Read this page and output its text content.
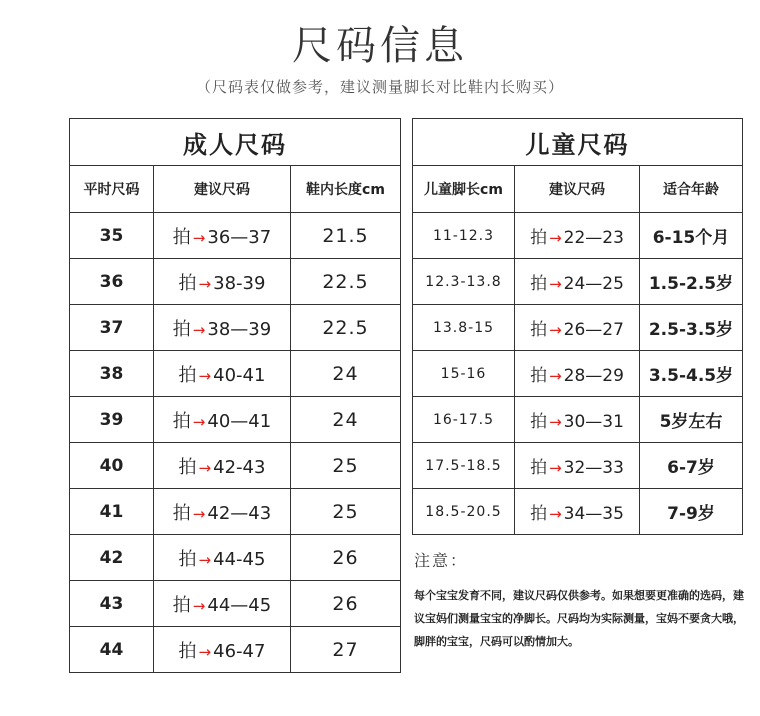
尺码信息
（尺码表仅做参考，建议测量脚长对比鞋内长购买）
成人尺码		
平时尺码	建议尺码	鞋内长度cm
35	拍 → 36—37	21.5
36	拍 → 38-39	22.5
37	拍 → 38—39	22.5
38	拍 → 40-41	24
39	拍 → 40—41	24
40	拍 → 42-43	25
41	拍 → 42—43	25
42	拍 → 44-45	26
43	拍 → 44—45	26
44	拍 → 46-47	27
儿童尺码		
儿童脚长cm	建议尺码	适合年龄
11-12.3	拍 → 22—23	6-15个月
12.3-13.8	拍 → 24—25	1.5-2.5岁
13.8-15	拍 → 26—27	2.5-3.5岁
15-16	拍 → 28—29	3.5-4.5岁
16-17.5	拍 → 30—31	5岁左右
17.5-18.5	拍 → 32—33	6-7岁
18.5-20.5	拍 → 34—35	7-9岁
注意：
每个宝宝发育不同，建议尺码仅供参考。如果想要更准确的选码，建议宝妈们测量宝宝的净脚长。尺码均为实际测量，宝妈不要贪大哦，脚胖的宝宝，尺码可以酌情加大。
